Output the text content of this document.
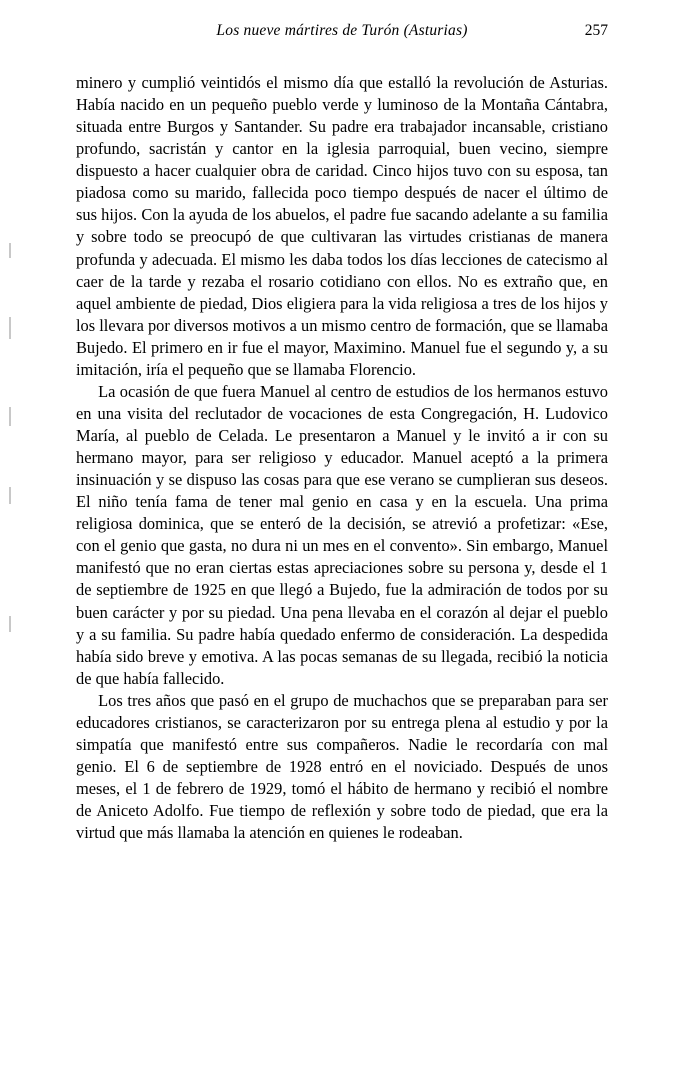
Los nueve mártires de Turón (Asturias)	257

minero y cumplió veintidós el mismo día que estalló la revolución de Asturias. Había nacido en un pequeño pueblo verde y luminoso de la Montaña Cántabra, situada entre Burgos y Santander. Su padre era trabajador incansable, cristiano profundo, sacristán y cantor en la iglesia parroquial, buen vecino, siempre dispuesto a hacer cualquier obra de caridad. Cinco hijos tuvo con su esposa, tan piadosa como su marido, fallecida poco tiempo después de nacer el último de sus hijos. Con la ayuda de los abuelos, el padre fue sacando adelante a su familia y sobre todo se preocupó de que cultivaran las virtudes cristianas de manera profunda y adecuada. El mismo les daba todos los días lecciones de catecismo al caer de la tarde y rezaba el rosario cotidiano con ellos. No es extraño que, en aquel ambiente de piedad, Dios eligiera para la vida religiosa a tres de los hijos y los llevara por diversos motivos a un mismo centro de formación, que se llamaba Bujedo. El primero en ir fue el mayor, Maximino. Manuel fue el segundo y, a su imitación, iría el pequeño que se llamaba Florencio.

La ocasión de que fuera Manuel al centro de estudios de los hermanos estuvo en una visita del reclutador de vocaciones de esta Congregación, H. Ludovico María, al pueblo de Celada. Le presentaron a Manuel y le invitó a ir con su hermano mayor, para ser religioso y educador. Manuel aceptó a la primera insinuación y se dispuso las cosas para que ese verano se cumplieran sus deseos. El niño tenía fama de tener mal genio en casa y en la escuela. Una prima religiosa dominica, que se enteró de la decisión, se atrevió a profetizar: «Ese, con el genio que gasta, no dura ni un mes en el convento». Sin embargo, Manuel manifestó que no eran ciertas estas apreciaciones sobre su persona y, desde el 1 de septiembre de 1925 en que llegó a Bujedo, fue la admiración de todos por su buen carácter y por su piedad. Una pena llevaba en el corazón al dejar el pueblo y a su familia. Su padre había quedado enfermo de consideración. La despedida había sido breve y emotiva. A las pocas semanas de su llegada, recibió la noticia de que había fallecido.

Los tres años que pasó en el grupo de muchachos que se preparaban para ser educadores cristianos, se caracterizaron por su entrega plena al estudio y por la simpatía que manifestó entre sus compañeros. Nadie le recordaría con mal genio. El 6 de septiembre de 1928 entró en el noviciado. Después de unos meses, el 1 de febrero de 1929, tomó el hábito de hermano y recibió el nombre de Aniceto Adolfo. Fue tiempo de reflexión y sobre todo de piedad, que era la virtud que más llamaba la atención en quienes le rodeaban.
